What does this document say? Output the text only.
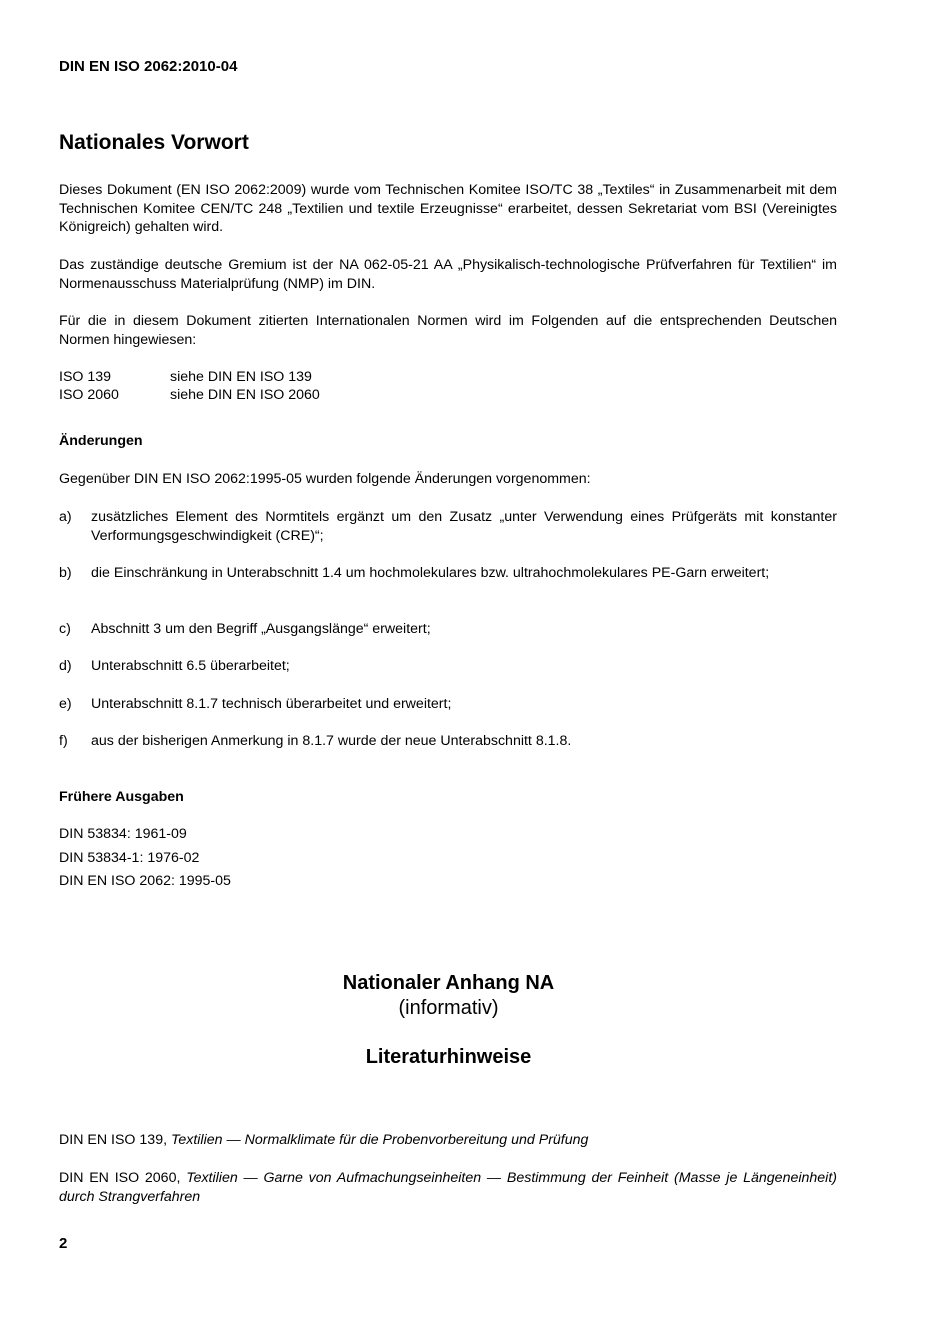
DIN EN ISO 2062:2010-04
Nationales Vorwort
Dieses Dokument (EN ISO 2062:2009) wurde vom Technischen Komitee ISO/TC 38 „Textiles“ in Zusammenarbeit mit dem Technischen Komitee CEN/TC 248 „Textilien und textile Erzeugnisse“ erarbeitet, dessen Sekretariat vom BSI (Vereinigtes Königreich) gehalten wird.
Das zuständige deutsche Gremium ist der NA 062-05-21 AA „Physikalisch-technologische Prüfverfahren für Textilien“ im Normenausschuss Materialprüfung (NMP) im DIN.
Für die in diesem Dokument zitierten Internationalen Normen wird im Folgenden auf die entsprechenden Deutschen Normen hingewiesen:
ISO 139	siehe DIN EN ISO 139
ISO 2060	siehe DIN EN ISO 2060
Änderungen
Gegenüber DIN EN ISO 2062:1995-05 wurden folgende Änderungen vorgenommen:
a) zusätzliches Element des Normtitels ergänzt um den Zusatz „unter Verwendung eines Prüfgeräts mit konstanter Verformungsgeschwindigkeit (CRE)“;
b) die Einschränkung in Unterabschnitt 1.4 um hochmolekulares bzw. ultrahochmolekulares PE-Garn erweitert;
c) Abschnitt 3 um den Begriff „Ausgangslänge“ erweitert;
d) Unterabschnitt 6.5 überarbeitet;
e) Unterabschnitt 8.1.7 technisch überarbeitet und erweitert;
f) aus der bisherigen Anmerkung in 8.1.7 wurde der neue Unterabschnitt 8.1.8.
Frühere Ausgaben
DIN 53834: 1961-09
DIN 53834-1: 1976-02
DIN EN ISO 2062: 1995-05
Nationaler Anhang NA
(informativ)
Literaturhinweise
DIN EN ISO 139, Textilien — Normalklimate für die Probenvorbereitung und Prüfung
DIN EN ISO 2060, Textilien — Garne von Aufmachungseinheiten — Bestimmung der Feinheit (Masse je Längeneinheit) durch Strangverfahren
2
